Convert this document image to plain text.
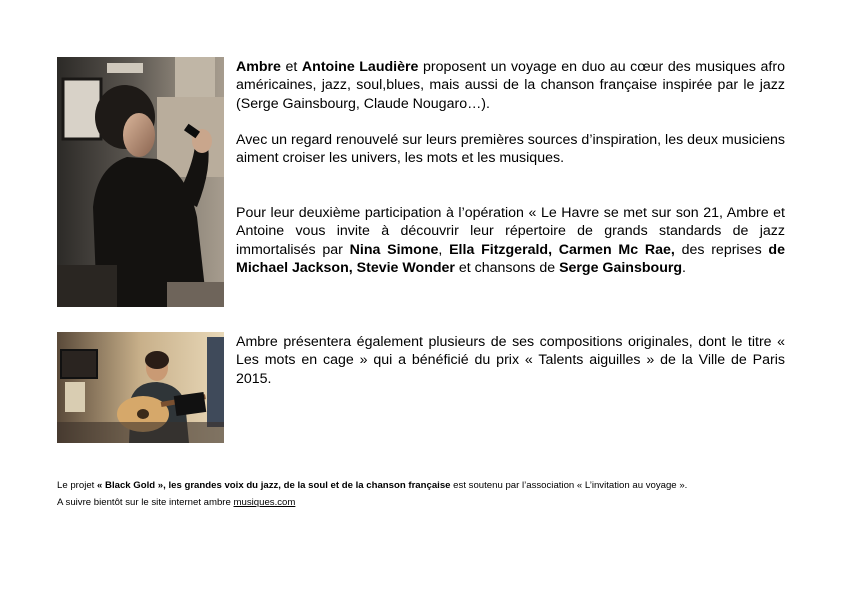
Ambre et Antoine Laudière proposent un voyage en duo au cœur des musiques afro américaines, jazz, soul,blues, mais aussi de la chanson française inspirée par le jazz (Serge Gainsbourg, Claude Nougaro…).
Avec un regard renouvelé sur leurs premières sources d’inspiration, les deux musiciens aiment croiser les univers, les mots et les musiques.
Pour leur deuxième participation à l’opération « Le Havre se met sur son 21, Ambre et Antoine vous invite à découvrir leur répertoire de grands standards de jazz immortalisés par Nina Simone, Ella Fitzgerald, Carmen Mc Rae, des reprises de Michael Jackson, Stevie Wonder et chansons de Serge Gainsbourg.
Ambre présentera également plusieurs de ses compositions originales, dont le titre « Les mots en cage » qui a bénéficié du prix « Talents aiguilles » de la Ville de Paris 2015.
Le projet « Black Gold », les grandes voix du jazz, de la soul et de la chanson française est soutenu par l’association « L’invitation au voyage ».
A suivre bientôt sur le site internet ambre musiques.com
